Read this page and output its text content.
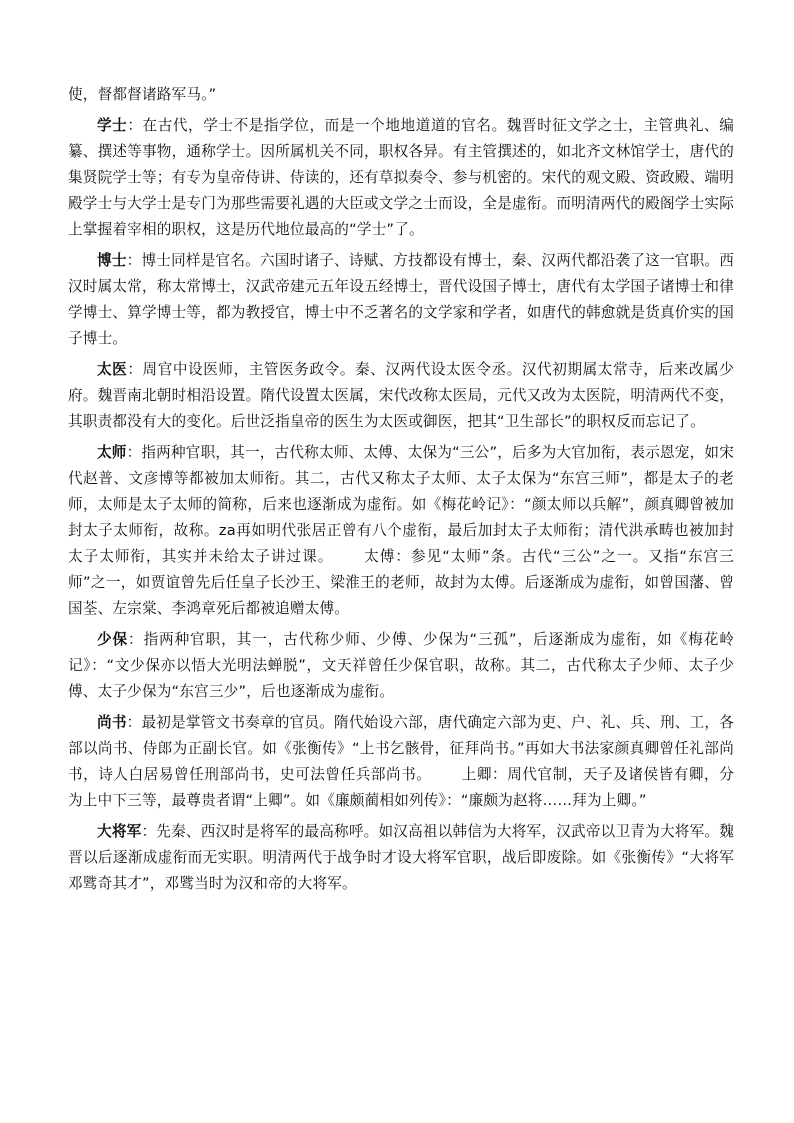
使，督都督诸路军马。”

学士：在古代，学士不是指学位，而是一个地地道道的官名。魏晋时征文学之士，主管典礼、编纂、撰述等事物，通称学士。因所属机关不同，职权各异。有主管撰述的，如北齐文林馆学士，唐代的集贤院学士等；有专为皇帝侍讲、侍读的，还有草拟奏令、参与机密的。宋代的观文殿、资政殿、端明殿学士与大学士是专门为那些需要礼遇的大臣或文学之士而设，全是虚衔。而明清两代的殿阁学士实际上掌握着宰相的职权，这是历代地位最高的“学士”了。

博士：博士同样是官名。六国时诸子、诗赋、方技都设有博士，秦、汉两代都沿袭了这一官职。西汉时属太常，称太常博士，汉武帝建元五年设五经博士，晋代设国子博士，唐代有太学国子诸博士和律学博士、算学博士等，都为教授官，博士中不乏著名的文学家和学者，如唐代的韩愈就是货真价实的国子博士。

太医：周官中设医师，主管医务政令。秦、汉两代设太医令丞。汉代初期属太常寺，后来改属少府。魏晋南北朝时相沿设置。隋代设置太医属，宋代改称太医局，元代又改为太医院，明清两代不变，其职责都没有大的变化。后世泛指皇帝的医生为太医或御医，把其“卫生部长”的职权反而忘记了。

太师：指两种官职，其一，古代称太师、太傅、太保为“三公”，后多为大官加衔，表示恩宠，如宋代赵普、文彦博等都被加太师衔。其二，古代又称太子太师、太子太保为“东宫三师”，都是太子的老师，太师是太子太师的简称，后来也逐渐成为虚衔。如《梅花岭记》：“颜太师以兵解”，颜真卿曾被加封太子太师衔，故称。za再如明代张居正曾有八个虚衔，最后加封太子太师衔；清代洪承畴也被加封太子太师衔，其实并未给太子讲过课。 太傅：参见“太师”条。古代“三公”之一。又指“东宫三师”之一，如贾谊曾先后任皇子长沙王、梁淮王的老师，故封为太傅。后逐渐成为虚衔，如曾国藩、曾国荃、左宗棠、李鸿章死后都被追赠太傅。

少保：指两种官职，其一，古代称少师、少傅、少保为“三孤”，后逐渐成为虚衔，如《梅花岭记》：“文少保亦以悟大光明法蝉脱”，文天祥曾任少保官职，故称。其二，古代称太子少师、太子少傅、太子少保为“东宫三少”，后也逐渐成为虚衔。

尚书：最初是掌管文书奏章的官员。隋代始设六部，唐代确定六部为吏、户、礼、兵、刑、工，各部以尚书、侍郎为正副长官。如《张衡传》“上书乞骸骨，征拜尚书。”再如大书法家颜真卿曾任礼部尚书，诗人白居易曾任刑部尚书，史可法曾任兵部尚书。 上卿：周代官制，天子及诸侯皆有卿，分为上中下三等，最尊贵者谓“上卿”。如《廉颇蔺相如列传》：“廉颇为赵将……拜为上卿。”

大将军：先秦、西汉时是将军的最高称呼。如汉高祖以韩信为大将军，汉武帝以卫青为大将军。魏晋以后逐渐成虚衔而无实职。明清两代于战争时才设大将军官职，战后即废除。如《张衡传》“大将军邓骘奇其才”，邓骘当时为汉和帝的大将军。
